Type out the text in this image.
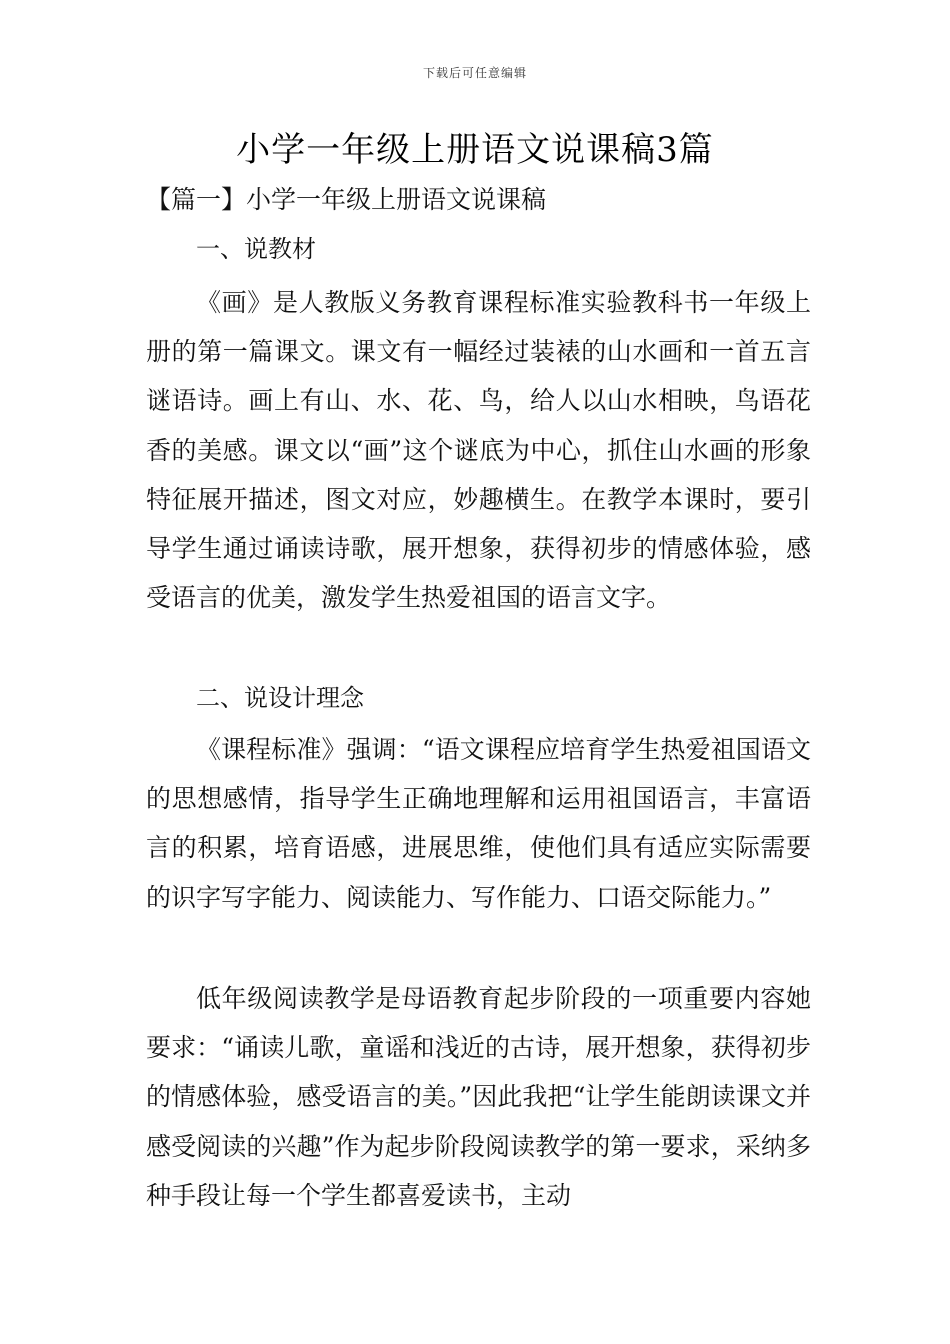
下载后可任意编辑
小学一年级上册语文说课稿3篇
【篇一】小学一年级上册语文说课稿
一、说教材
《画》是人教版义务教育课程标准实验教科书一年级上册的第一篇课文。课文有一幅经过装裱的山水画和一首五言谜语诗。画上有山、水、花、鸟，给人以山水相映，鸟语花香的美感。课文以“画”这个谜底为中心，抓住山水画的形象特征展开描述，图文对应，妙趣横生。在教学本课时，要引导学生通过诵读诗歌，展开想象，获得初步的情感体验，感受语言的优美，激发学生热爱祖国的语言文字。
二、说设计理念
《课程标准》强调：“语文课程应培育学生热爱祖国语文的思想感情，指导学生正确地理解和运用祖国语言，丰富语言的积累，培育语感，进展思维，使他们具有适应实际需要的识字写字能力、阅读能力、写作能力、口语交际能力。”
低年级阅读教学是母语教育起步阶段的一项重要内容她要求：“诵读儿歌，童谣和浅近的古诗，展开想象，获得初步的情感体验，感受语言的美。”因此我把“让学生能朗读课文并感受阅读的兴趣”作为起步阶段阅读教学的第一要求，采纳多种手段让每一个学生都喜爱读书，主动
